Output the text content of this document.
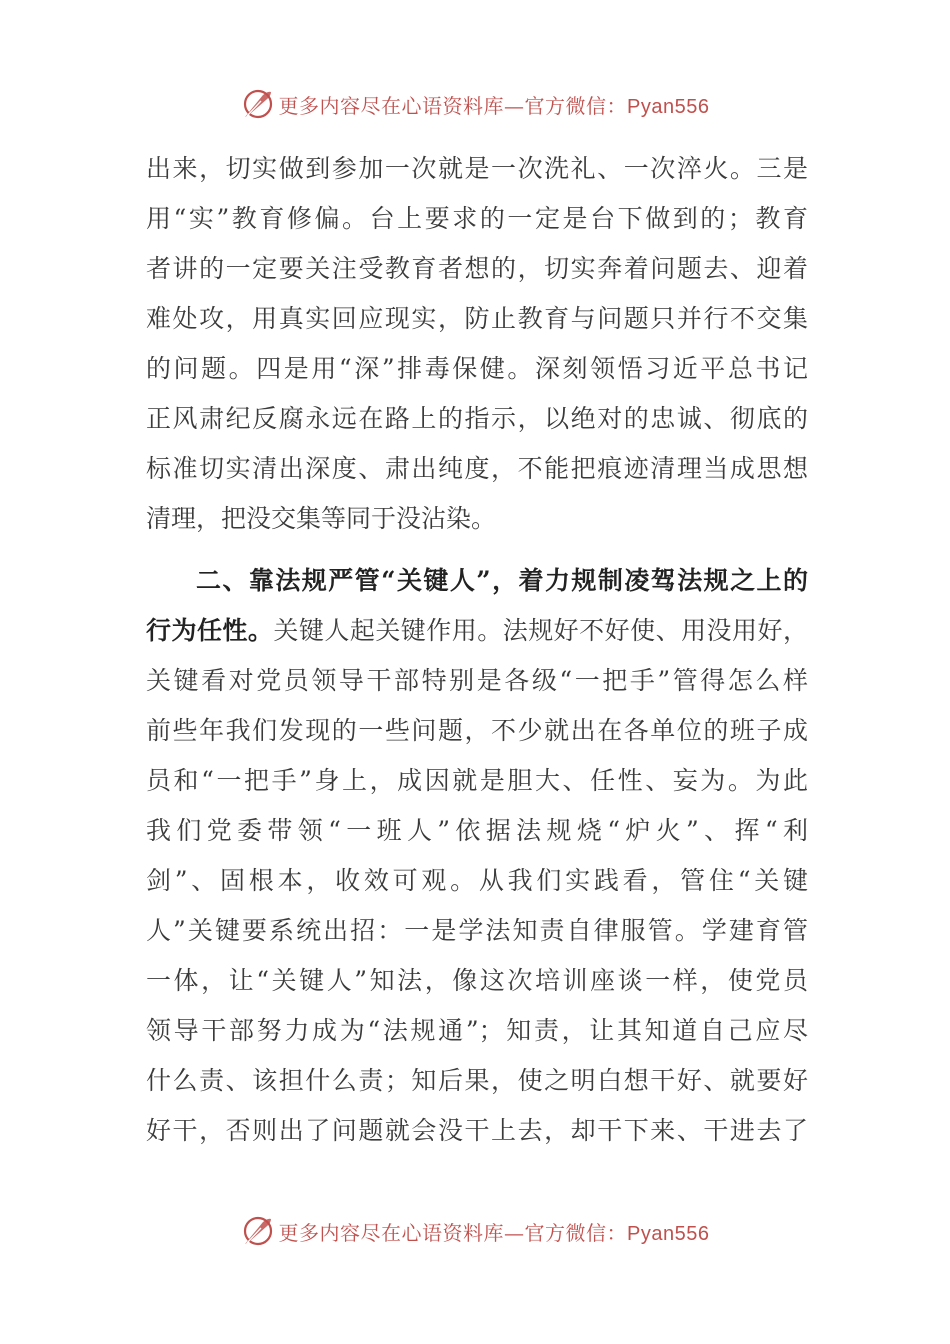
更多内容尽在心语资料库—官方微信：Pyan556
出来，切实做到参加一次就是一次洗礼、一次淬火。三是
用“实”教育修偏。台上要求的一定是台下做到的；教育
者讲的一定要关注受教育者想的，切实奔着问题去、迎着
难处攻，用真实回应现实，防止教育与问题只并行不交集
的问题。四是用“深”排毒保健。深刻领悟习近平总书记
正风肃纪反腐永远在路上的指示，以绝对的忠诚、彻底的
标准切实清出深度、肃出纯度，不能把痕迹清理当成思想
清理，把没交集等同于没沾染。
二、靠法规严管“关键人”，着力规制凌驾法规之上的
行为任性。关键人起关键作用。法规好不好使、用没用好，
关键看对党员领导干部特别是各级“一把手”管得怎么样
前些年我们发现的一些问题，不少就出在各单位的班子成
员和“一把手”身上，成因就是胆大、任性、妄为。为此
我们党委带领“一班人”依据法规烧“炉火”、挥“利
剑”、固根本，收效可观。从我们实践看，管住“关键
人”关键要系统出招：一是学法知责自律服管。学建育管
一体，让“关键人”知法，像这次培训座谈一样，使党员
领导干部努力成为“法规通”；知责，让其知道自己应尽
什么责、该担什么责；知后果，使之明白想干好、就要好
好干，否则出了问题就会没干上去，却干下来、干进去了
更多内容尽在心语资料库—官方微信：Pyan556
